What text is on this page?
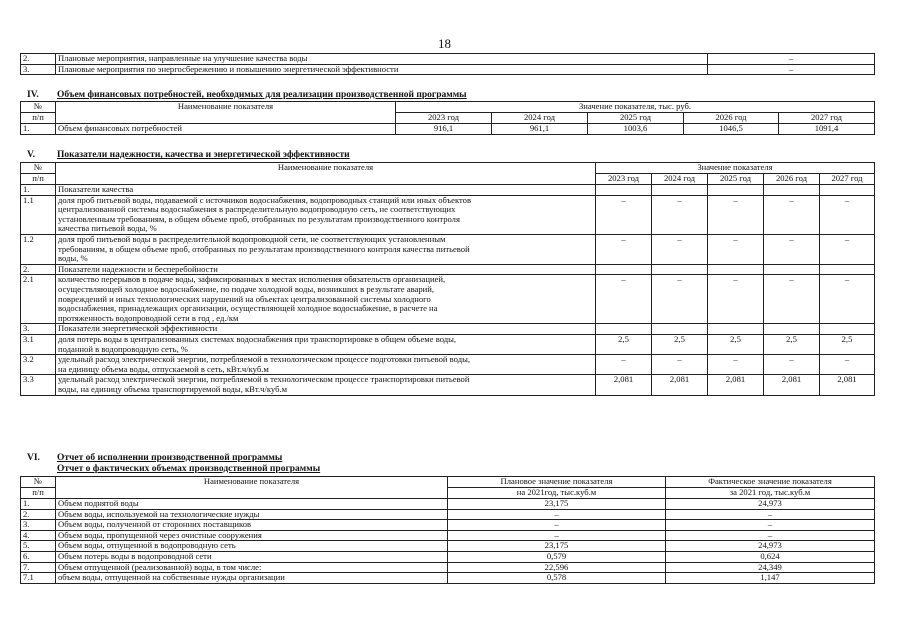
18
2.	Плановые мероприятия, направленные на улучшение качества воды	–
3.	Плановые мероприятия по энергосбережению и повышению энергетической эффективности	–
IV. Объем финансовых потребностей, необходимых для реализации производственной программы
№	Наименование показателя	Значение показателя, тыс. руб.				
п/п		2023 год	2024 год	2025 год	2026 год	2027 год
1.	Объем финансовых потребностей	916,1	961,1	1003,6	1046,5	1091,4
V. Показатели надежности, качества и энергетической эффективности
№	Наименование показателя	Значение показателя				
п/п		2023 год	2024 год	2025 год	2026 год	2027 год
1.	Показатели качества					

1.1	доля проб питьевой воды, подаваемой с источников водоснабжения, водопроводных станций или иных объектов
централизованной системы водоснабжения в распределительную водопроводную сеть, не соответствующих
установленным требованиям, в общем объеме проб, отобранных по результатам производственного контроля
качества питьевой воды, %	–	–	–	–	–
1.2	доля проб питьевой воды в распределительной водопроводной сети, не соответствующих установленным
требованиям, в общем объеме проб, отобранных по результатам производственного контроля качества питьевой
воды, %	–	–	–	–	–
2.	Показатели надежности и бесперебойности					

2.1	количество перерывов в подаче воды, зафиксированных в местах исполнения обязательств организацией,
осуществляющей холодное водоснабжение, по подаче холодной воды, возникших в результате аварий,
повреждений и иных технологических нарушений на объектах централизованной системы холодного
водоснабжения, принадлежащих организации, осуществляющей холодное водоснабжение, в расчете на
протяженность водопроводной сети в год , ед./км	–	–	–	–	–
3.	Показатели энергетической эффективности					

3.1	доля потерь воды в централизованных системах водоснабжения при транспортировке в общем объеме воды,
поданной в водопроводную сеть, %	2,5	2,5	2,5	2,5	2,5
3.2	удельный расход электрической энергии, потребляемой в технологическом процессе подготовки питьевой воды,
на единицу объема воды, отпускаемой в сеть, кВт.ч/куб.м	–	–	–	–	–
3.3	удельный расход электрической энергии, потребляемой в технологическом процессе транспортировки питьевой
воды, на единицу объема транспортируемой воды, кВт.ч/куб.м	2,081	2,081	2,081	2,081	2,081
VI. Отчет об исполнении производственной программы
Отчет о фактических объемах производственной программы
№	Наименование показателя	Плановое значение показателя	Фактическое значение показателя
п/п		на 2021год, тыс.куб.м	за 2021 год, тыс.куб.м
1.	Объем поднятой воды	23,175	24,973
2.	Объем воды, используемой на технологические нужды	–	–
3.	Объем воды, полученной от сторонних поставщиков	–	–
4.	Объем воды, пропущенной через очистные сооружения	–	–
5.	Объем воды, отпущенной в водопроводную сеть	23,175	24,973
6.	Объем потерь воды в водопроводной сети	0,579	0,624
7.	Объем отпущенной (реализованной) воды, в том числе:	22,596	24,349
7.1	объем воды, отпущенной на собственные нужды организации	0,578	1,147
